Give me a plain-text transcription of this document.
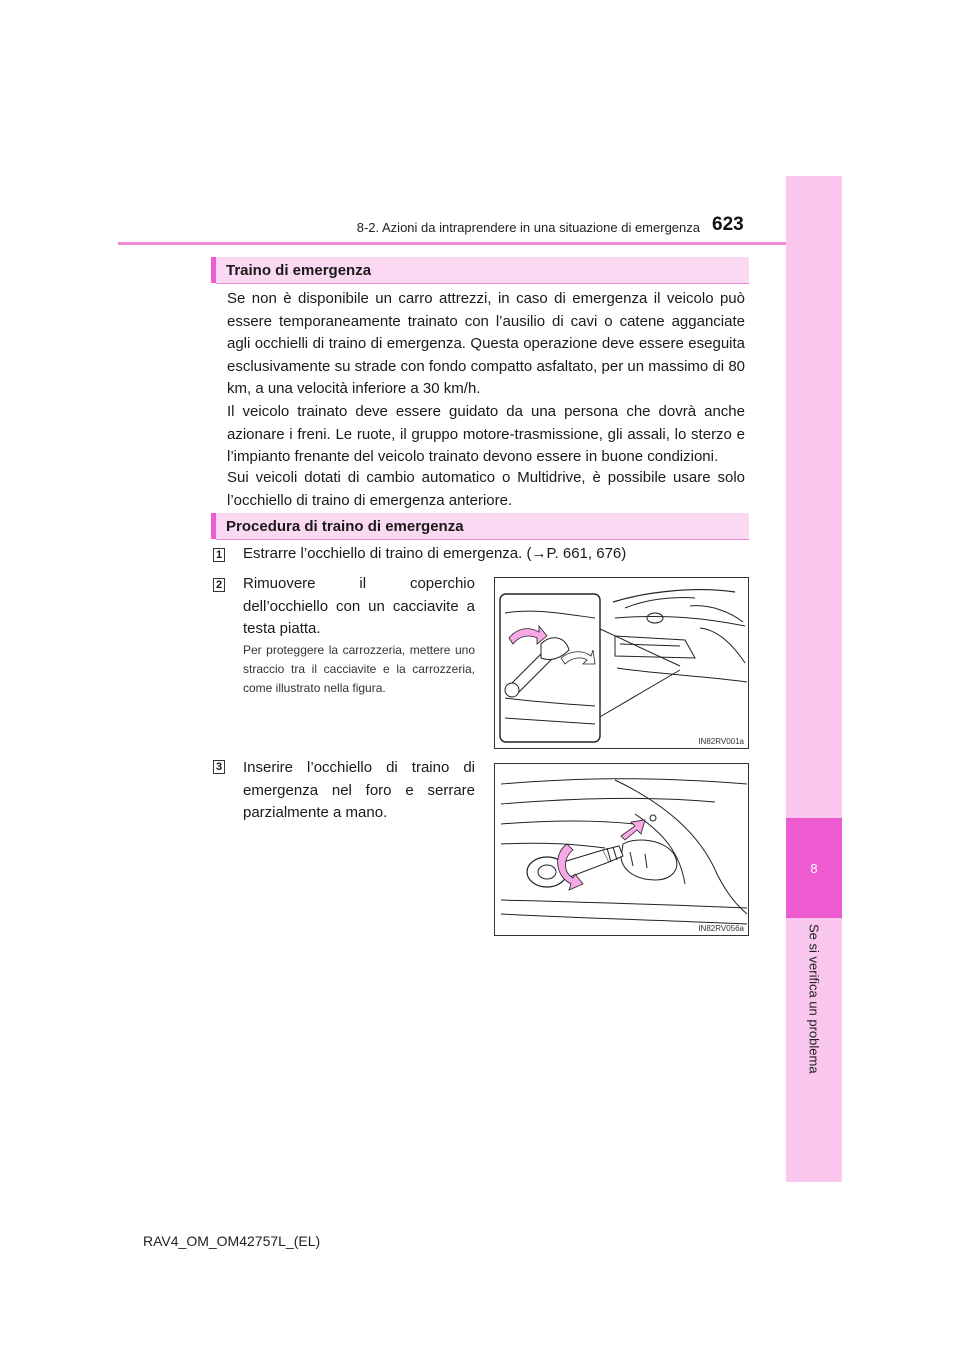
8-2. Azioni da intraprendere in una situazione di emergenza 623
8
Se si verifica un problema
Traino di emergenza

Se non è disponibile un carro attrezzi, in caso di emergenza il veicolo può essere temporaneamente trainato con l’ausilio di cavi o catene agganciate agli occhielli di traino di emergenza. Questa operazione deve essere eseguita esclusivamente su strade con fondo compatto asfaltato, per un massimo di 80 km, a una velocità inferiore a 30 km/h.

Il veicolo trainato deve essere guidato da una persona che dovrà anche azionare i freni. Le ruote, il gruppo motore-trasmissione, gli assali, lo sterzo e l’impianto frenante del veicolo trainato devono essere in buone condizioni.

Sui veicoli dotati di cambio automatico o Multidrive, è possibile usare solo l’occhiello di traino di emergenza anteriore.

Procedura di traino di emergenza
1 Estrarre l’occhiello di traino di emergenza. (→P. 661, 676)

2 Rimuovere il coperchio dell’occhiello con un cacciavite a testa piatta.

Per proteggere la carrozzeria, mettere uno straccio tra il cacciavite e la carrozzeria, come illustrato nella figura.

IN82RV001a
3 Inserire l’occhiello di traino di emergenza nel foro e serrare parzialmente a mano.

IN82RV056a
RAV4_OM_OM42757L_(EL)
